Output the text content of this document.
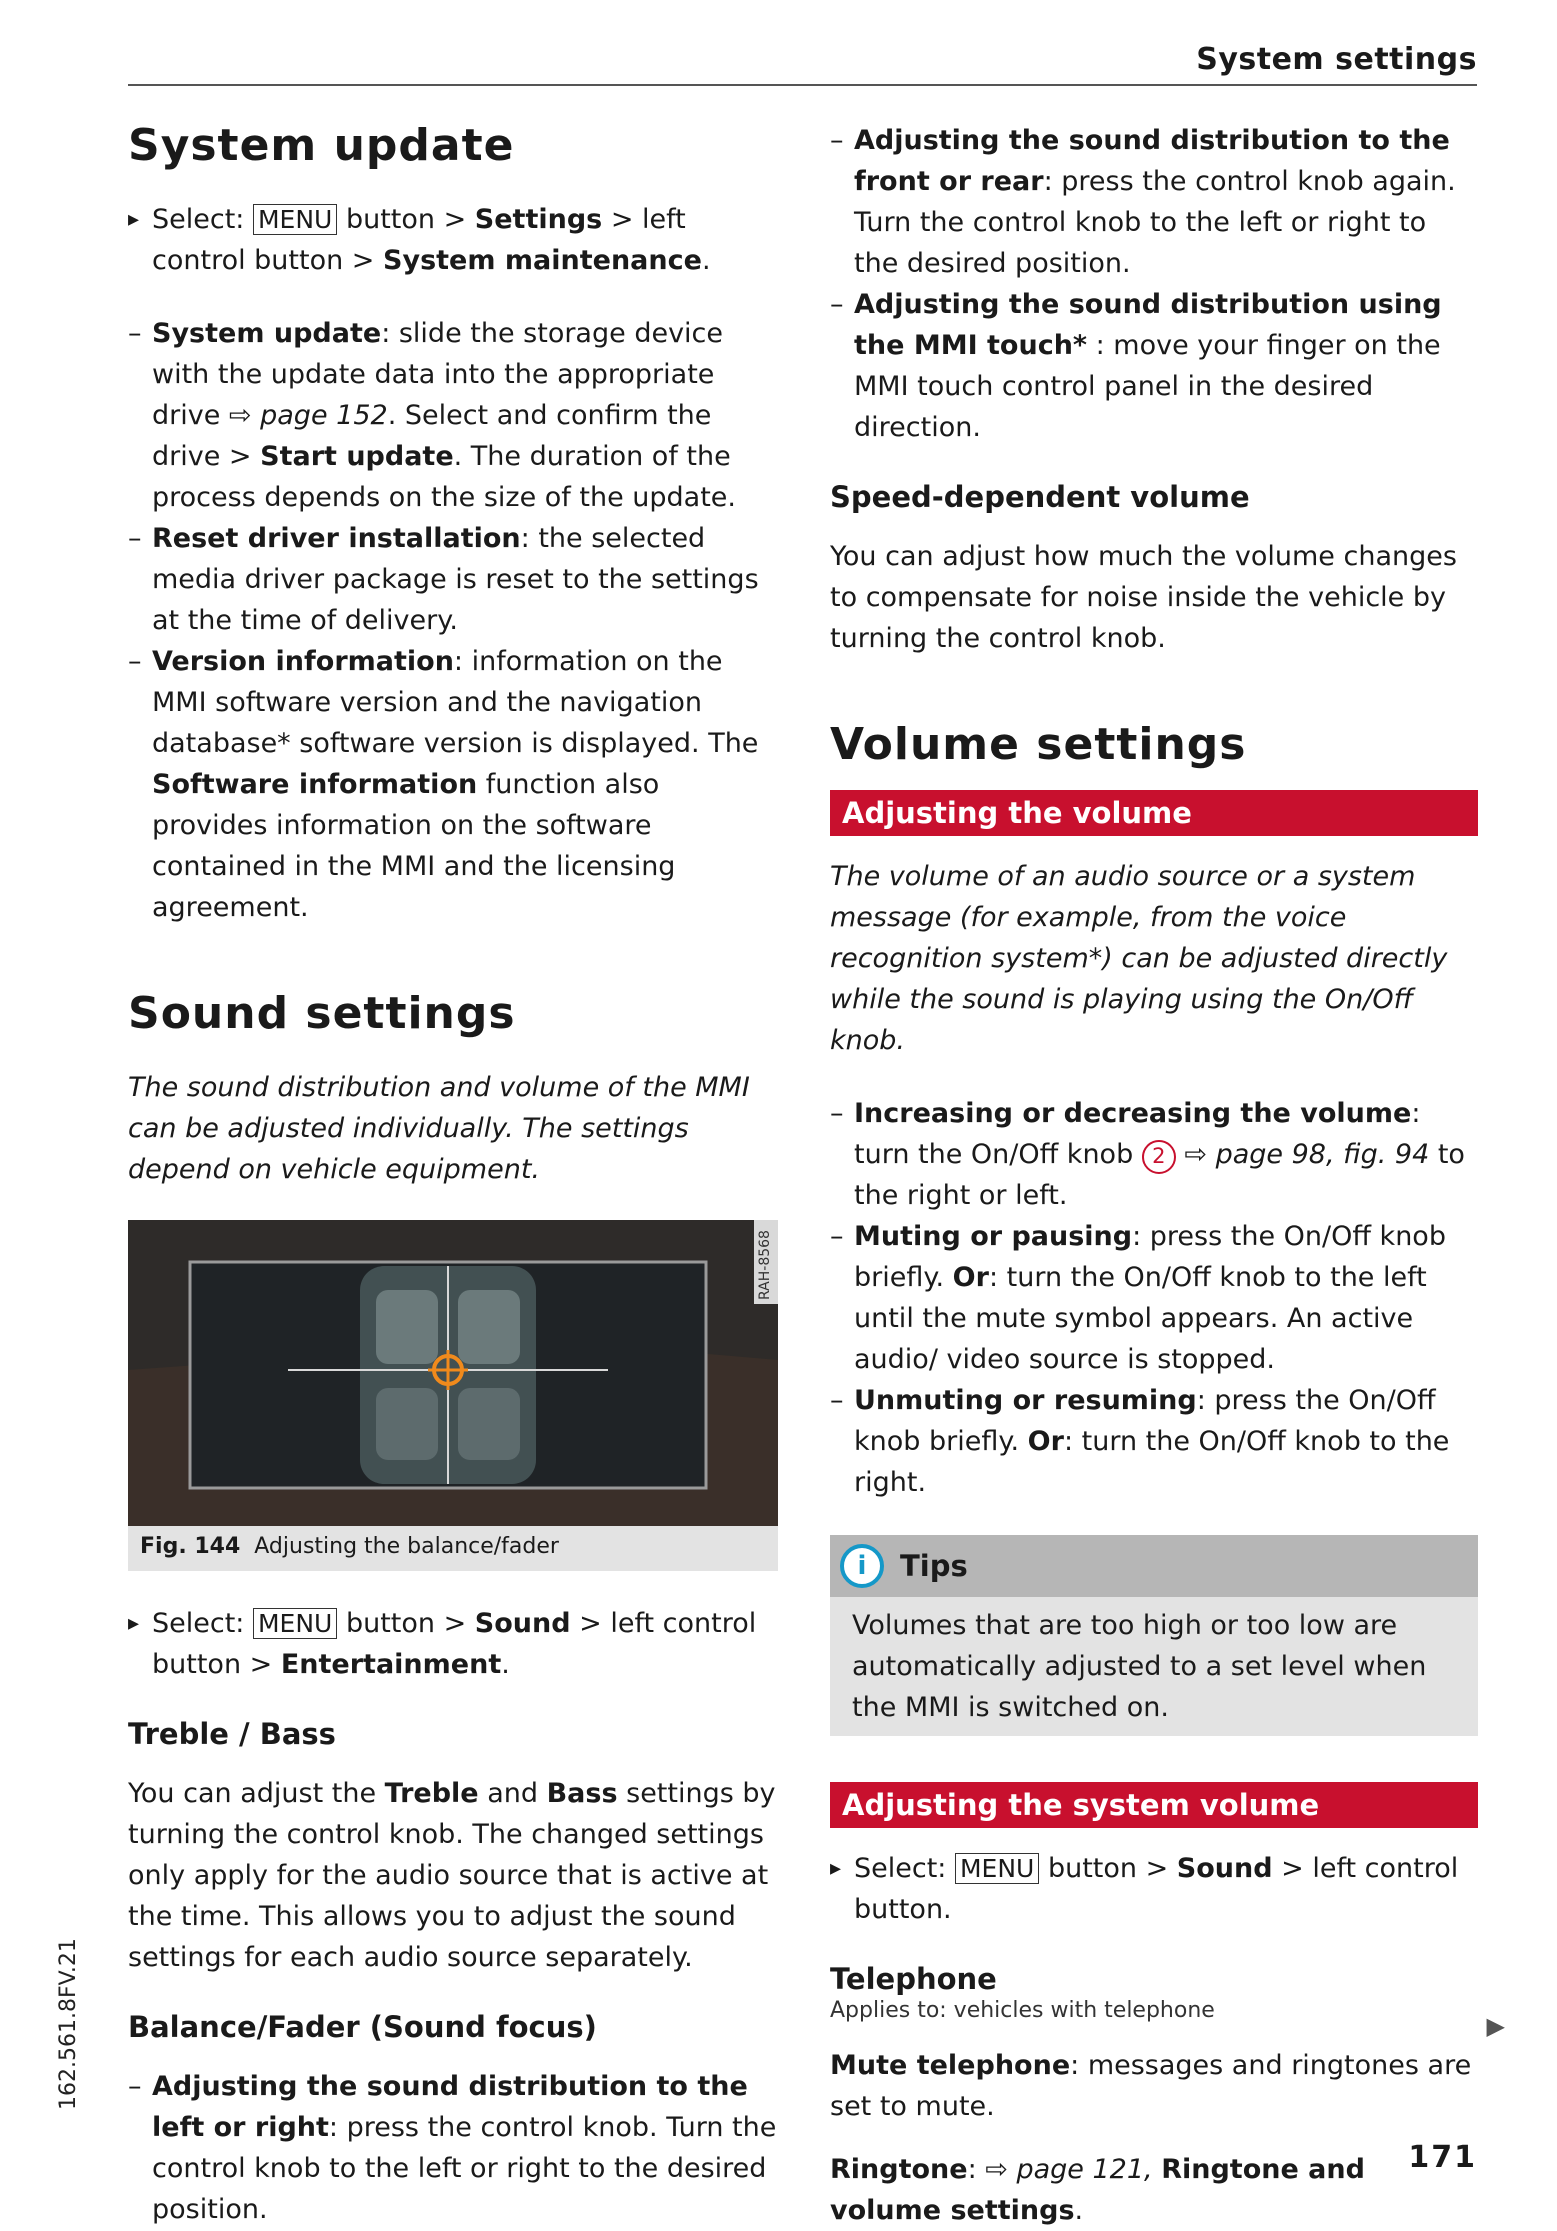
System settings
System update

▸ Select: MENU button > Settings > left control button > System maintenance.

– System update: slide the storage device with the update data into the appropriate drive ⇨ page 152. Select and confirm the drive > Start update. The duration of the process depends on the size of the update.

– Reset driver installation: the selected media driver package is reset to the settings at the time of delivery.

– Version information: information on the MMI software version and the navigation database* software version is displayed. The Software information function also provides information on the software contained in the MMI and the licensing agreement.

Sound settings

The sound distribution and volume of the MMI can be adjusted individually. The settings depend on vehicle equipment.

RAH-8568
Fig. 144 Adjusting the balance/fader

▸ Select: MENU button > Sound > left control button > Entertainment.

Treble / Bass

You can adjust the Treble and Bass settings by turning the control knob. The changed settings only apply for the audio source that is active at the time. This allows you to adjust the sound settings for each audio source separately.

Balance/Fader (Sound focus)

– Adjusting the sound distribution to the left or right: press the control knob. Turn the control knob to the left or right to the desired position.

– Adjusting the sound distribution to the front or rear: press the control knob again. Turn the control knob to the left or right to the desired position.

– Adjusting the sound distribution using the MMI touch* : move your finger on the MMI touch control panel in the desired direction.

Speed-dependent volume

You can adjust how much the volume changes to compensate for noise inside the vehicle by turning the control knob.

Volume settings
Adjusting the volume

The volume of an audio source or a system message (for example, from the voice recognition system*) can be adjusted directly while the sound is playing using the On/Off knob.

– Increasing or decreasing the volume: turn the On/Off knob 2 ⇨ page 98, fig. 94 to the right or left.

– Muting or pausing: press the On/Off knob briefly. Or: turn the On/Off knob to the left until the mute symbol appears. An active audio/ video source is stopped.

– Unmuting or resuming: press the On/Off knob briefly. Or: turn the On/Off knob to the right.

i	Tips
Volumes that are too high or too low are automatically adjusted to a set level when the MMI is switched on.
Adjusting the system volume

▸ Select: MENU button > Sound > left control button.

Telephone
Applies to: vehicles with telephone

Mute telephone: messages and ringtones are set to mute.

Ringtone: ⇨ page 121, Ringtone and volume settings.

▶
162.561.8FV.21
171
